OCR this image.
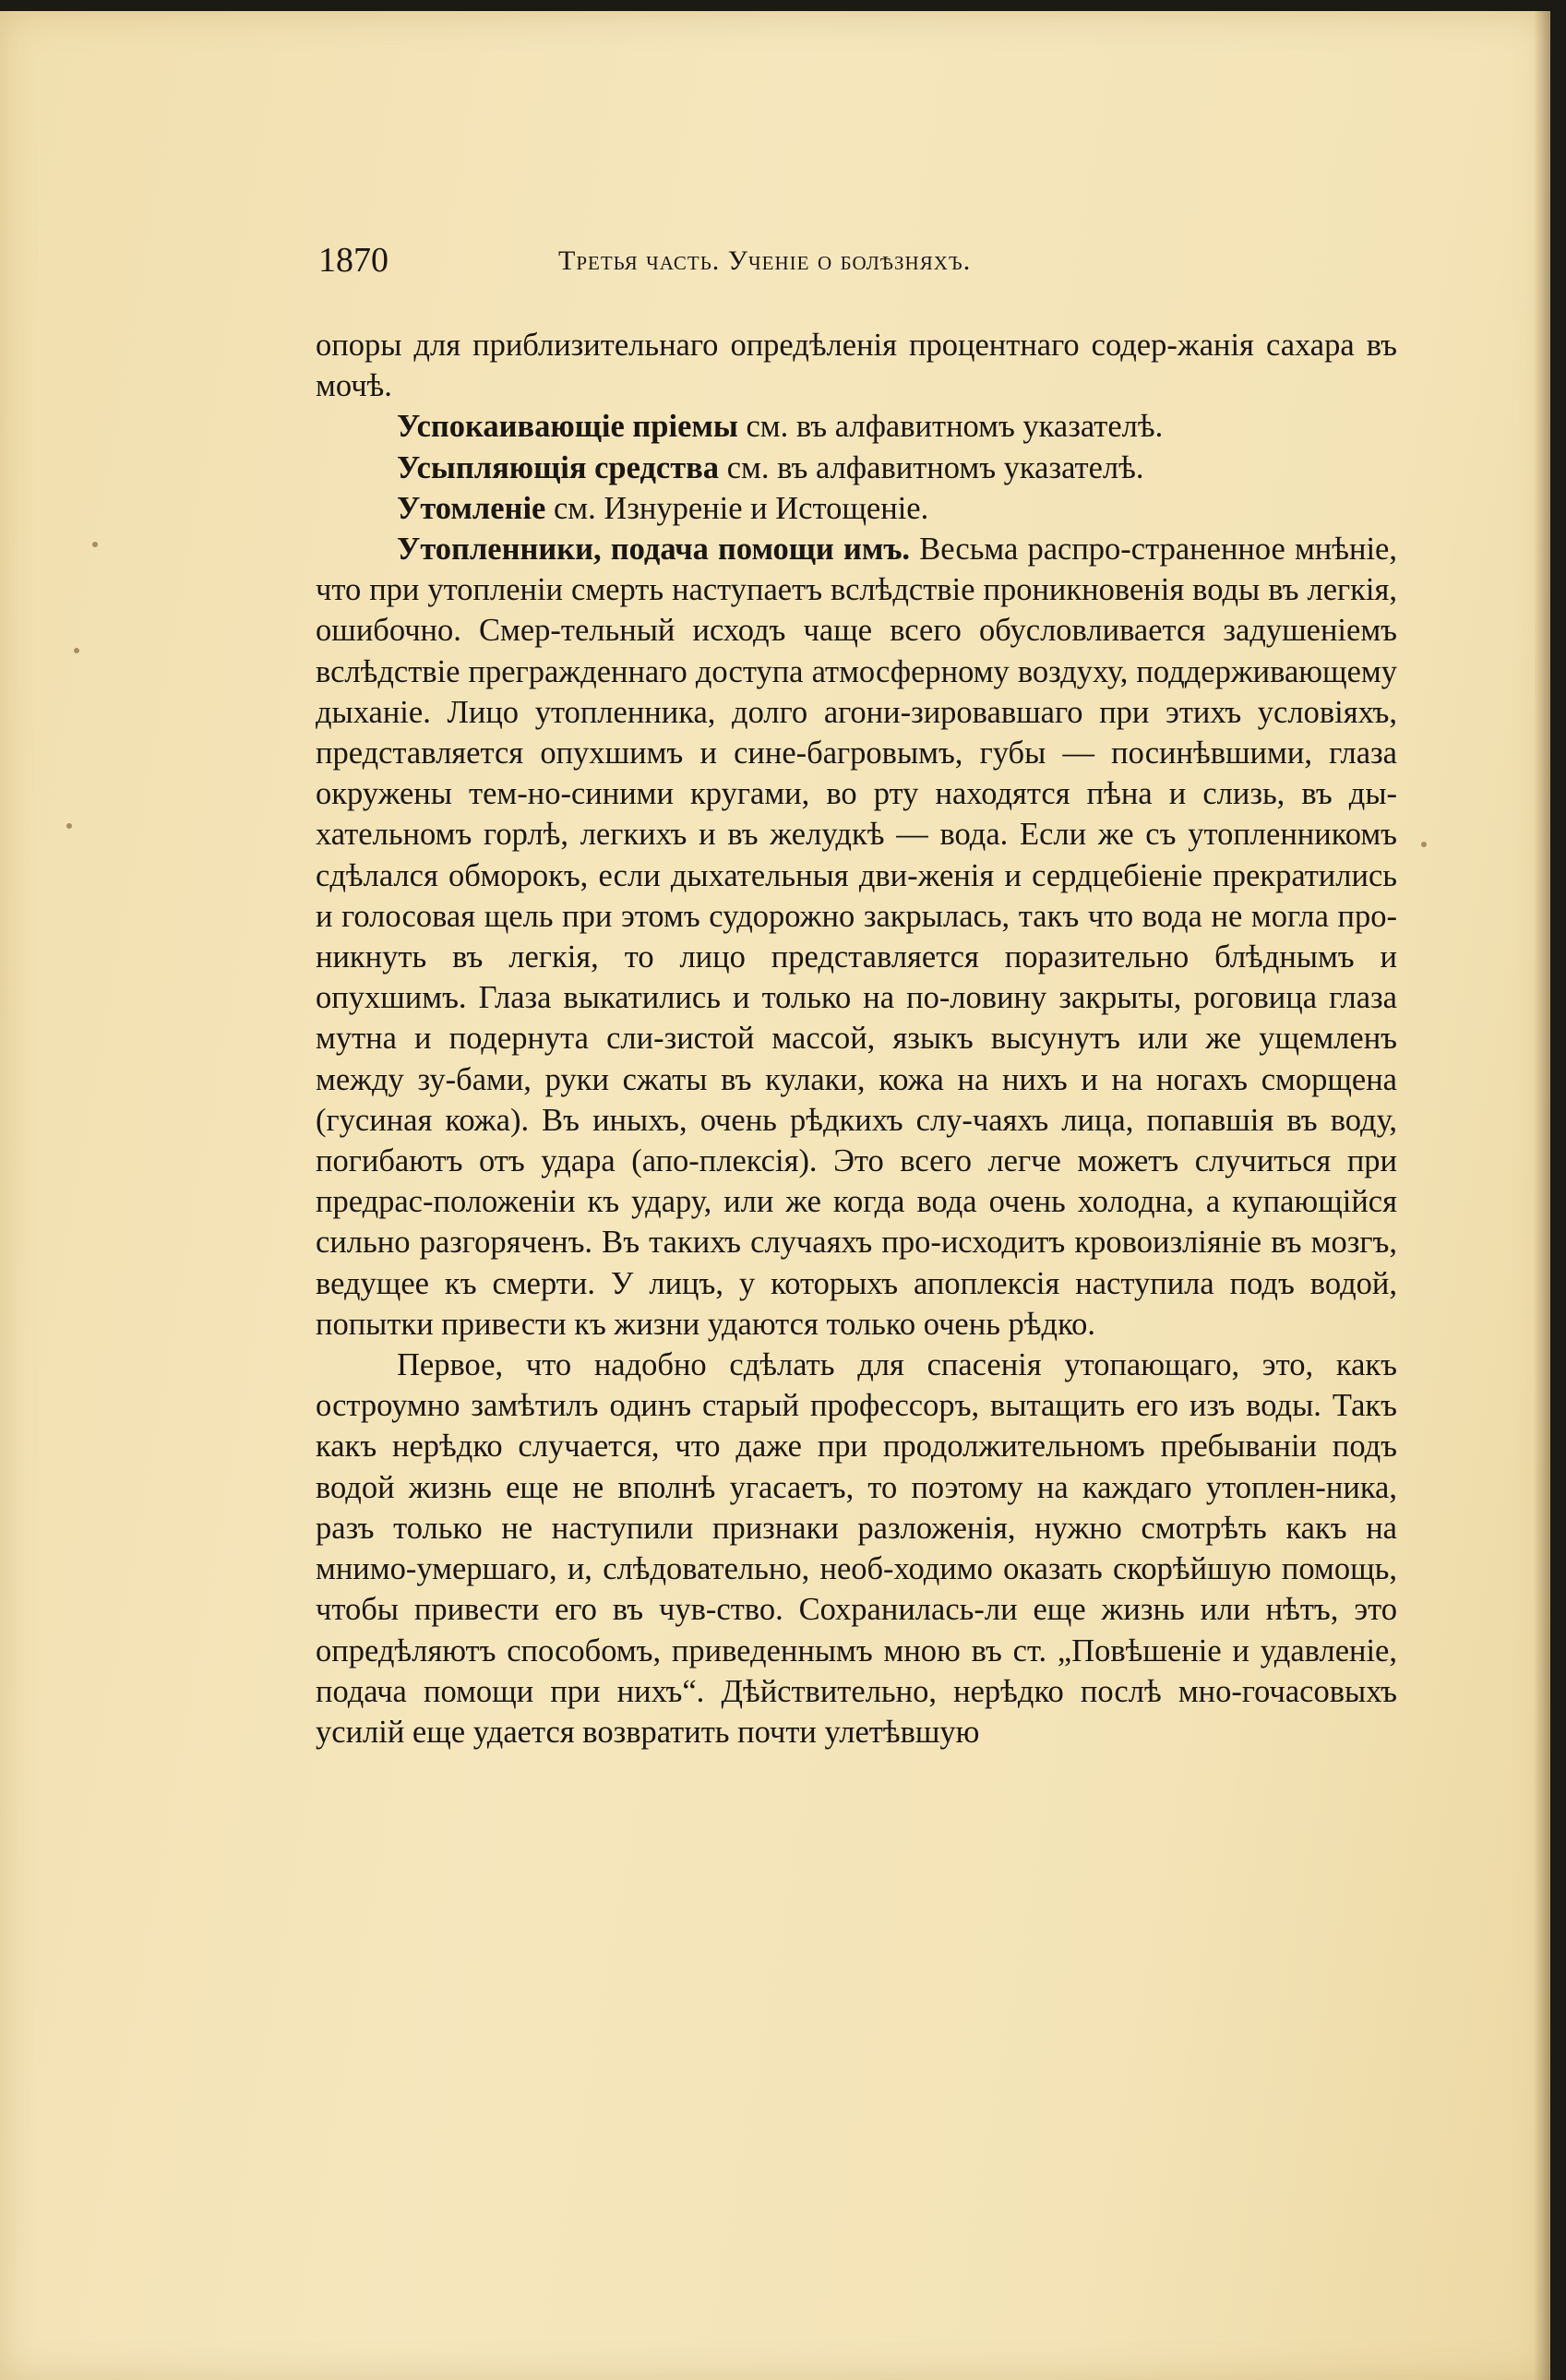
1870	Третья часть. Ученіе о болѣзняхъ.

опоры для приблизительнаго опредѣленія процентнаго содер-жанія сахара въ мочѣ.

Успокаивающіе пріемы см. въ алфавитномъ указателѣ.

Усыпляющія средства см. въ алфавитномъ указателѣ.

Утомленіе см. Изнуреніе и Истощеніе.

Утопленники, подача помощи имъ. Весьма распро-страненное мнѣніе, что при утопленіи смерть наступаетъ вслѣдствіе проникновенія воды въ легкія, ошибочно. Смер-тельный исходъ чаще всего обусловливается задушеніемъ вслѣдствіе прегражденнаго доступа атмосферному воздуху, поддерживающему дыханіе. Лицо утопленника, долго агони-зировавшаго при этихъ условіяхъ, представляется опухшимъ и сине-багровымъ, губы — посинѣвшими, глаза окружены тем-но-синими кругами, во рту находятся пѣна и слизь, въ ды-хательномъ горлѣ, легкихъ и въ желудкѣ — вода. Если же съ утопленникомъ сдѣлался обморокъ, если дыхательныя дви-женія и сердцебіеніе прекратились и голосовая щель при этомъ судорожно закрылась, такъ что вода не могла про-никнуть въ легкія, то лицо представляется поразительно блѣднымъ и опухшимъ. Глаза выкатились и только на по-ловину закрыты, роговица глаза мутна и подернута сли-зистой массой, языкъ высунутъ или же ущемленъ между зу-бами, руки сжаты въ кулаки, кожа на нихъ и на ногахъ сморщена (гусиная кожа). Въ иныхъ, очень рѣдкихъ слу-чаяхъ лица, попавшія въ воду, погибаютъ отъ удара (апо-плексія). Это всего легче можетъ случиться при предрас-положеніи къ удару, или же когда вода очень холодна, а купающійся сильно разгоряченъ. Въ такихъ случаяхъ про-исходитъ кровоизліяніе въ мозгъ, ведущее къ смерти. У лицъ, у которыхъ апоплексія наступила подъ водой, попытки привести къ жизни удаются только очень рѣдко.

Первое, что надобно сдѣлать для спасенія утопающаго, это, какъ остроумно замѣтилъ одинъ старый профессоръ, вытащить его изъ воды. Такъ какъ нерѣдко случается, что даже при продолжительномъ пребываніи подъ водой жизнь еще не вполнѣ угасаетъ, то поэтому на каждаго утоплен-ника, разъ только не наступили признаки разложенія, нужно смотрѣть какъ на мнимо-умершаго, и, слѣдовательно, необ-ходимо оказать скорѣйшую помощь, чтобы привести его въ чув-ство. Сохранилась-ли еще жизнь или нѣтъ, это опредѣляютъ способомъ, приведеннымъ мною въ ст. „Повѣшеніе и удавленіе, подача помощи при нихъ“. Дѣйствительно, нерѣдко послѣ мно-гочасовыхъ усилій еще удается возвратить почти улетѣвшую
